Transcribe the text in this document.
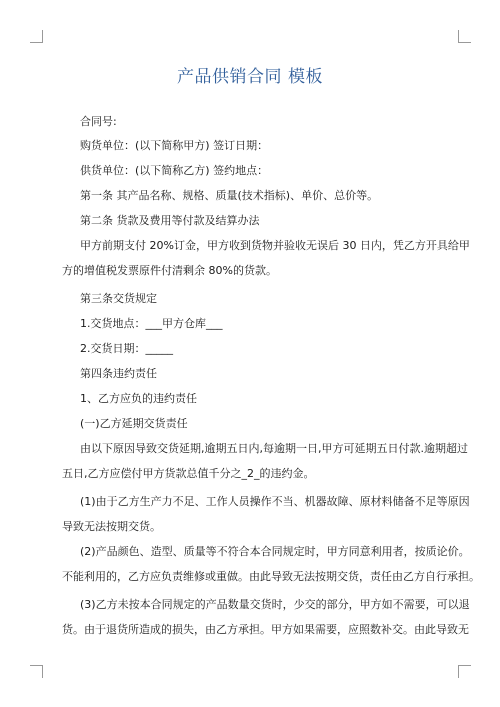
产品供销合同 模板
合同号:
购货单位：(以下简称甲方) 签订日期：
供货单位：(以下简称乙方) 签约地点：
第一条 其产品名称、规格、质量(技术指标)、单价、总价等。
第二条 货款及费用等付款及结算办法
甲方前期支付 20%订金，甲方收到货物并验收无误后 30 日内，凭乙方开具给甲
方的增值税发票原件付清剩余 80%的货款。
第三条交货规定
1.交货地点：___甲方仓库___
2.交货日期：_____
第四条违约责任
1、乙方应负的违约责任
(一)乙方延期交货责任
由以下原因导致交货延期,逾期五日内,每逾期一日,甲方可延期五日付款.逾期超过
五日,乙方应偿付甲方货款总值千分之_2_的违约金。
(1)由于乙方生产力不足、工作人员操作不当、机器故障、原材料储备不足等原因
导致无法按期交货。
(2)产品颜色、造型、质量等不符合本合同规定时，甲方同意利用者，按质论价。
不能利用的，乙方应负责维修或重做。由此导致无法按期交货，责任由乙方自行承担。
(3)乙方未按本合同规定的产品数量交货时，少交的部分，甲方如不需要，可以退
货。由于退货所造成的损失，由乙方承担。甲方如果需要，应照数补交。由此导致无
